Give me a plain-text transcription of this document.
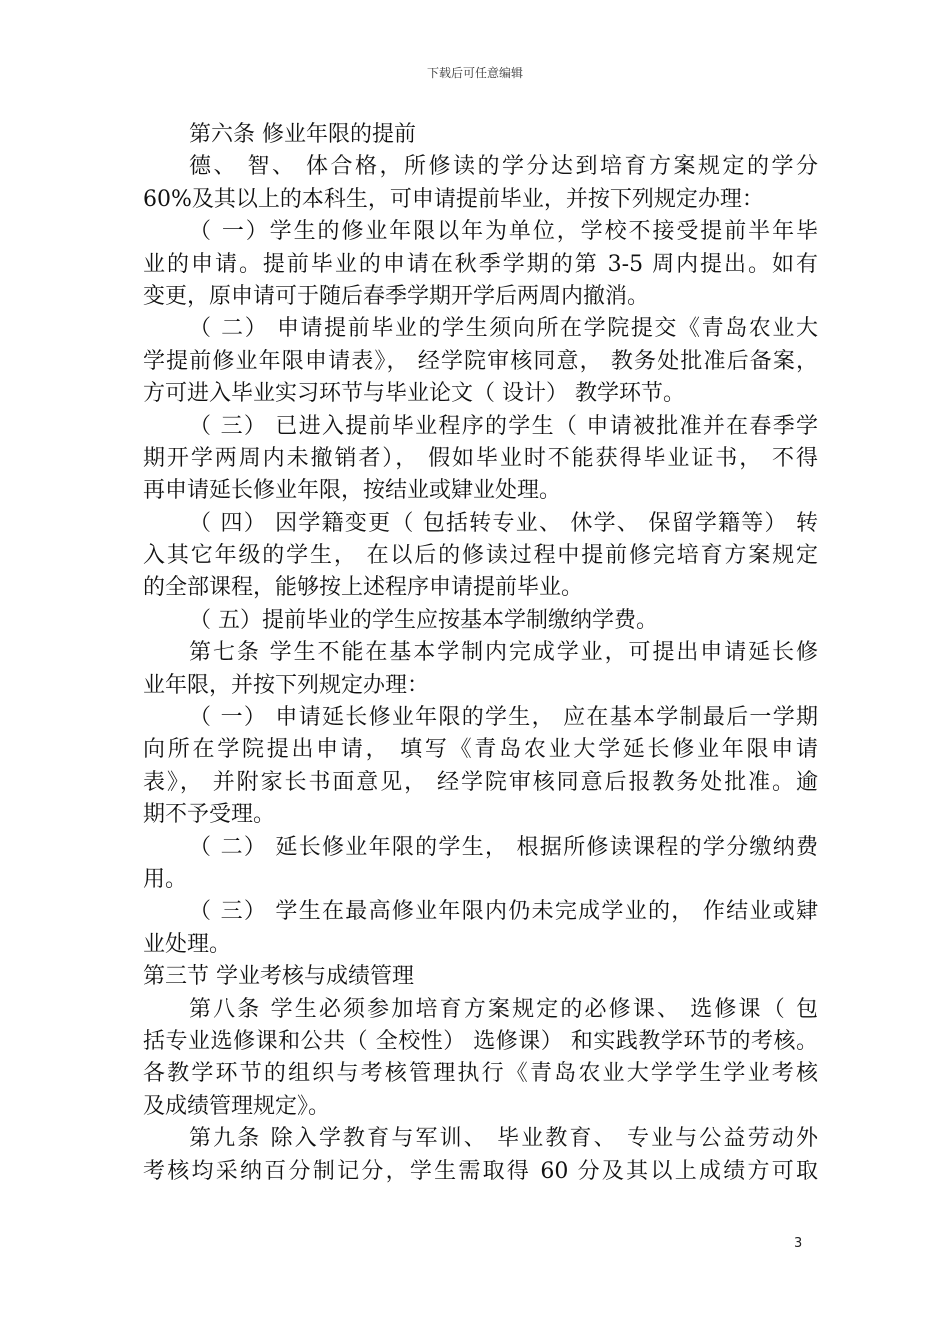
下载后可任意编辑
第六条 修业年限的提前
德、 智、 体合格，所修读的学分达到培育方案规定的学分
60%及其以上的本科生，可申请提前毕业，并按下列规定办理：
（ 一）学生的修业年限以年为单位，学校不接受提前半年毕
业的申请。提前毕业的申请在秋季学期的第 3-5 周内提出。如有
变更，原申请可于随后春季学期开学后两周内撤消。
（ 二） 申请提前毕业的学生须向所在学院提交《青岛农业大
学提前修业年限申请表》， 经学院审核同意， 教务处批准后备案，
方可进入毕业实习环节与毕业论文（ 设计） 教学环节。
（ 三） 已进入提前毕业程序的学生（ 申请被批准并在春季学
期开学两周内未撤销者）， 假如毕业时不能获得毕业证书， 不得
再申请延长修业年限，按结业或肄业处理。
（ 四） 因学籍变更（ 包括转专业、 休学、 保留学籍等） 转
入其它年级的学生， 在以后的修读过程中提前修完培育方案规定
的全部课程，能够按上述程序申请提前毕业。
（ 五）提前毕业的学生应按基本学制缴纳学费。
第七条 学生不能在基本学制内完成学业，可提出申请延长修
业年限，并按下列规定办理：
（ 一） 申请延长修业年限的学生， 应在基本学制最后一学期
向所在学院提出申请， 填写《青岛农业大学延长修业年限申请
表》， 并附家长书面意见， 经学院审核同意后报教务处批准。逾
期不予受理。
（ 二） 延长修业年限的学生， 根据所修读课程的学分缴纳费
用。
（ 三） 学生在最高修业年限内仍未完成学业的， 作结业或肄
业处理。
第三节 学业考核与成绩管理
第八条 学生必须参加培育方案规定的必修课、 选修课（ 包
括专业选修课和公共（ 全校性） 选修课） 和实践教学环节的考核。
各教学环节的组织与考核管理执行《青岛农业大学学生学业考核
及成绩管理规定》。
第九条 除入学教育与军训、 毕业教育、 专业与公益劳动外
考核均采纳百分制记分，学生需取得 60 分及其以上成绩方可取
3
